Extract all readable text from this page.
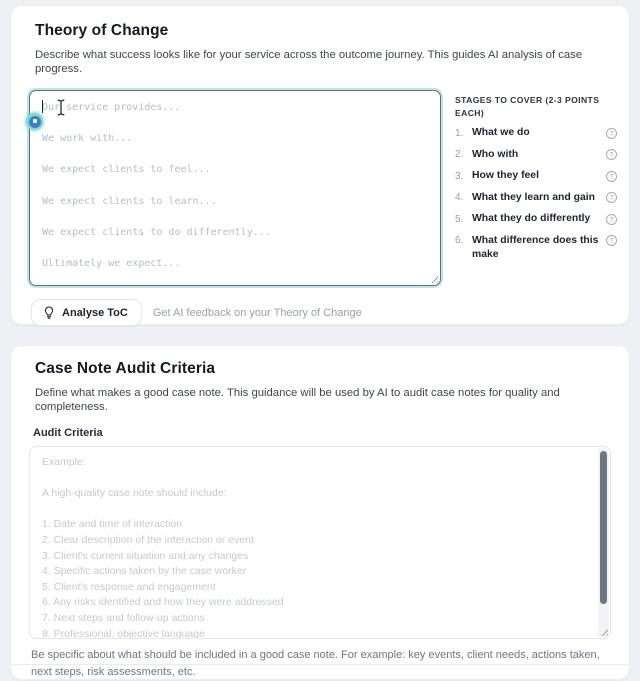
Theory of Change

Describe what success looks like for your service across the outcome journey. This guides AI analysis of case progress.

Our service provides... We work with... We expect clients to feel... We expect clients to learn... We expect clients to do differently... Ultimately we expect...
STAGES TO COVER (2-3 POINTS EACH)
1. What we do	?
2. Who with	?
3. How they feel	?
4. What they learn and gain	?
5. What they do differently	?
6. What difference does this make
?
Analyse ToC Get AI feedback on your Theory of Change
Case Note Audit Criteria

Define what makes a good case note. This guidance will be used by AI to audit case notes for quality and completeness.

Audit Criteria
Example: A high-quality case note should include: 1. Date and time of interaction 2. Clear description of the interaction or event 3. Client's current situation and any changes 4. Specific actions taken by the case worker 5. Client's response and engagement 6. Any risks identified and how they were addressed 7. Next steps and follow-up actions 8. Professional, objective language

Be specific about what should be included in a good case note. For example: key events, client needs, actions taken, next steps, risk assessments, etc.
